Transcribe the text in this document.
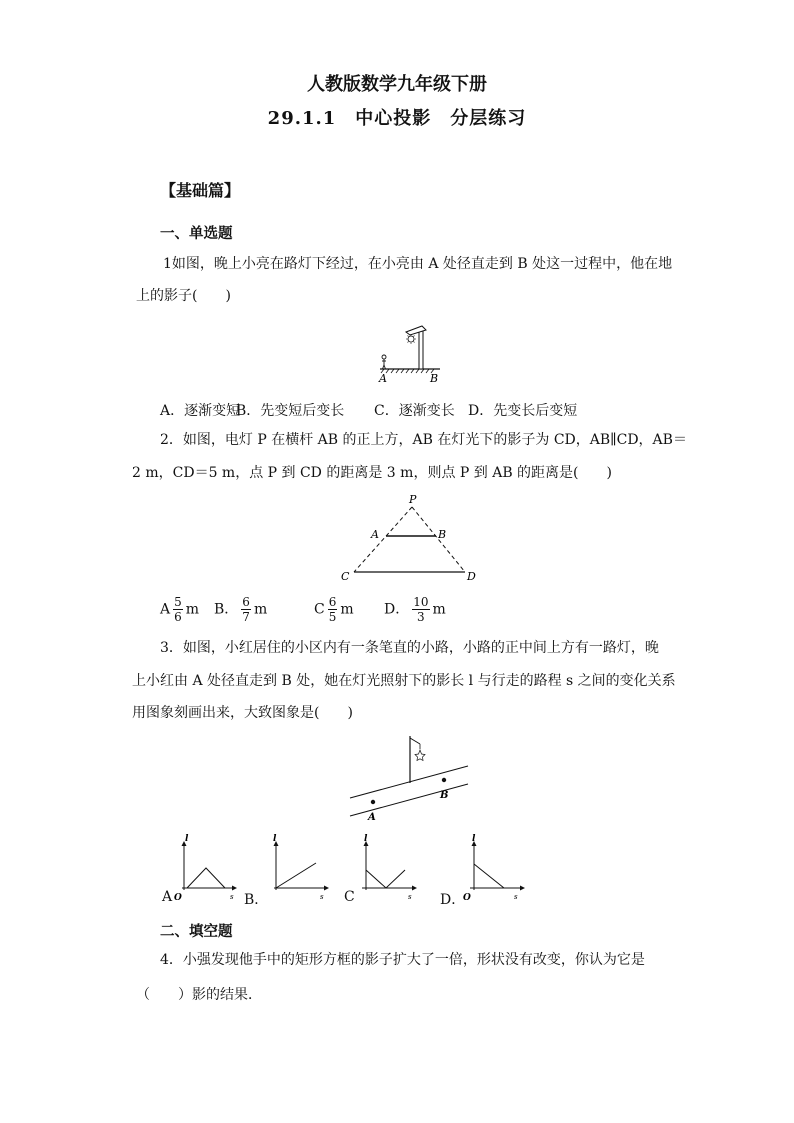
人教版数学九年级下册
29.1.1　中心投影　分层练习
【基础篇】
一、单选题
1如图，晚上小亮在路灯下经过，在小亮由 A 处径直走到 B 处这一过程中，他在地
上的影子(　　)
A	B
A．逐渐变短
B．先变短后变长 C．逐渐变长 D．先变长后变短
2．如图，电灯 P 在横杆 AB 的正上方，AB 在灯光下的影子为 CD，AB∥CD，AB＝
2 m，CD＝5 m，点 P 到 CD 的距离是 3 m，则点 P 到 AB 的距离是(　　)
P
A	B
C	D
A $\frac{5}{6}$ m B． $\frac{6}{7}$ m	C $\frac{6}{5}$ m D． $\frac{10}{3}$ m
3．如图，小红居住的小区内有一条笔直的小路，小路的正中间上方有一路灯，晚
上小红由 A 处径直走到 B 处，她在灯光照射下的影长 l 与行走的路程 s 之间的变化关系
用图象刻画出来，大致图象是(　　)
A
B
A
l
s
O	B．
l
s C
l
s D．
l
s
O
二、填空题
4．小强发现他手中的矩形方框的影子扩大了一倍，形状没有改变，你认为它是
（　　）影的结果．
